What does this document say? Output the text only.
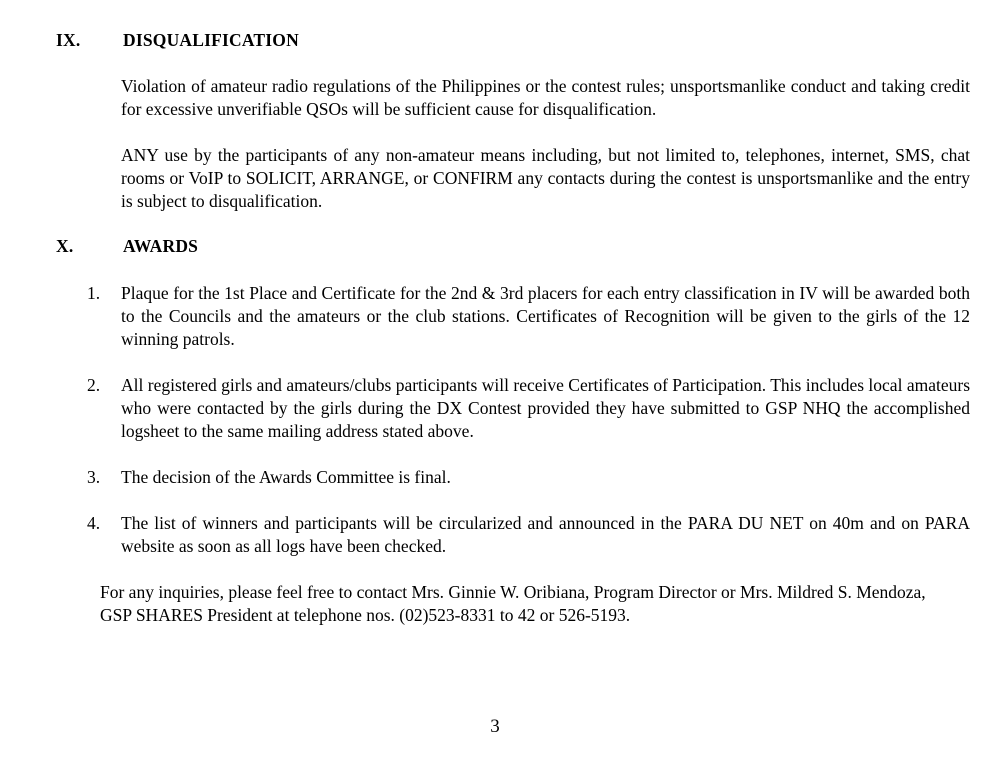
IX. DISQUALIFICATION
Violation of amateur radio regulations of the Philippines or the contest rules; unsportsmanlike conduct and taking credit for excessive unverifiable QSOs will be sufficient cause for disqualification.
ANY use by the participants of any non-amateur means including, but not limited to, telephones, internet, SMS, chat rooms or VoIP to SOLICIT, ARRANGE, or CONFIRM any contacts during the contest is unsportsmanlike and the entry is subject to disqualification.
X.	AWARDS
1. Plaque for the 1st Place and Certificate for the 2nd & 3rd placers for each entry classification in IV will be awarded both to the Councils and the amateurs or the club stations. Certificates of Recognition will be given to the girls of the 12 winning patrols.
2. All registered girls and amateurs/clubs participants will receive Certificates of Participation. This includes local amateurs who were contacted by the girls during the DX Contest provided they have submitted to GSP NHQ the accomplished logsheet to the same mailing address stated above.
3. The decision of the Awards Committee is final.
4. The list of winners and participants will be circularized and announced in the PARA DU NET on 40m and on PARA website as soon as all logs have been checked.
For any inquiries, please feel free to contact Mrs. Ginnie W. Oribiana, Program Director or Mrs. Mildred S. Mendoza, GSP SHARES President at telephone nos. (02)523-8331 to 42 or 526-5193.
3
